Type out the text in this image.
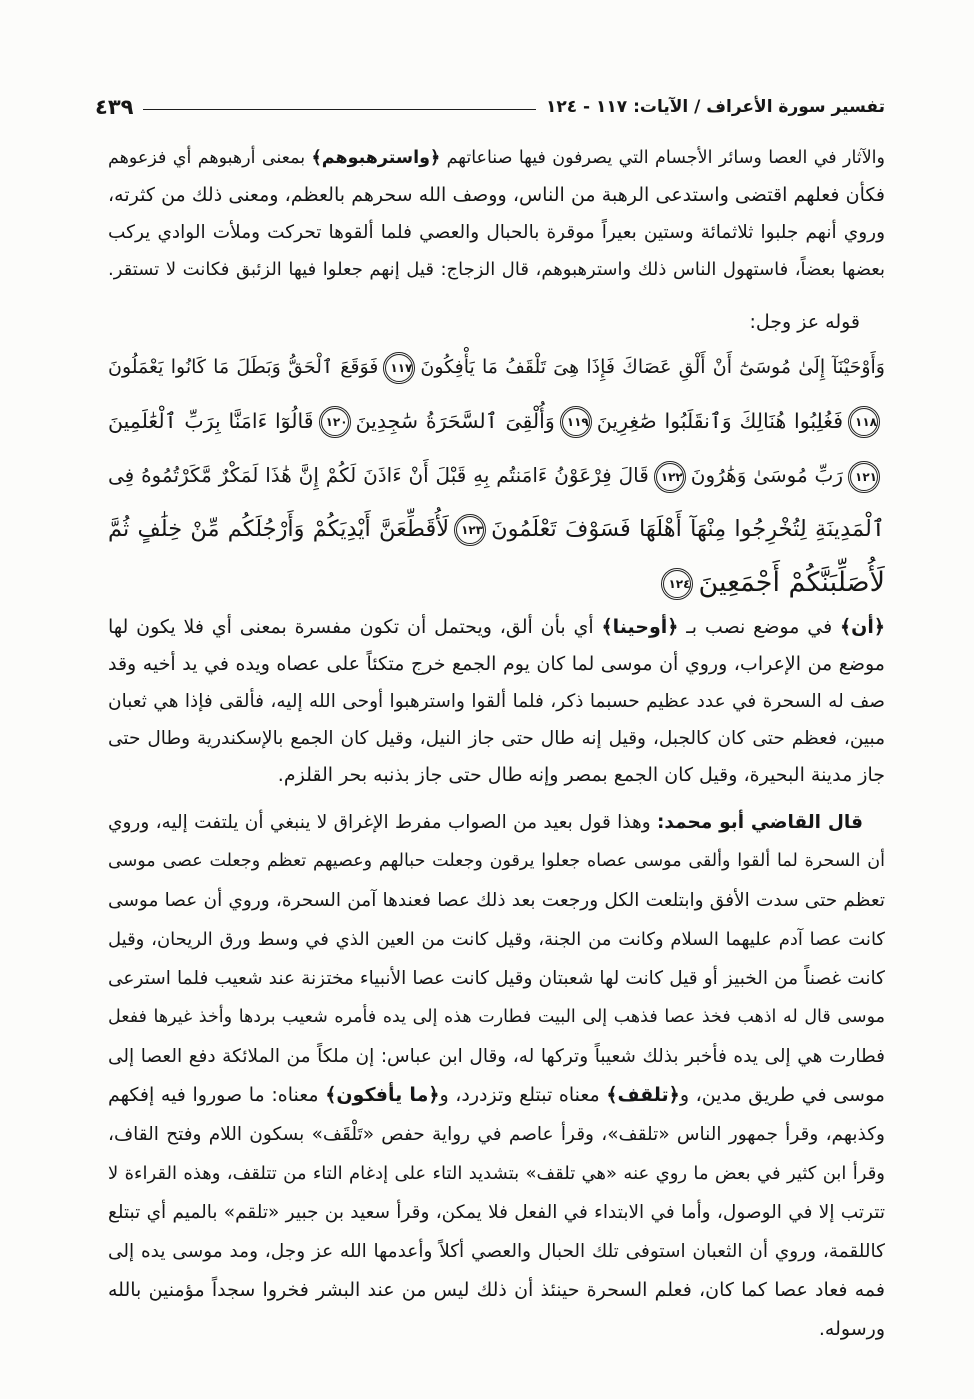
تفسير سورة الأعراف / الآيات: ١١٧ - ١٢٤
٤٣٩
والآثار في العصا وسائر الأجسام التي يصرفون فيها صناعاتهم ﴿واسترهبوهم﴾ بمعنى أرهبوهم أي فزعوهم
فكأن فعلهم اقتضى واستدعى الرهبة من الناس، ووصف الله سحرهم بالعظم، ومعنى ذلك من كثرته،
وروي أنهم جلبوا ثلاثمائة وستين بعيراً موقرة بالحبال والعصي فلما ألقوها تحركت وملأت الوادي يركب
بعضها بعضاً، فاستهول الناس ذلك واسترهبوهم، قال الزجاج: قيل إنهم جعلوا فيها الزئبق فكانت لا تستقر.
قوله عز وجل:
وَأَوْحَيْنَآ إِلَىٰ مُوسَىٰٓ أَنْ أَلْقِ عَصَاكَ فَإِذَا هِىَ تَلْقَفُ مَا يَأْفِكُونَ١١٧فَوَقَعَ ٱلْحَقُّ وَبَطَلَ مَا كَانُوا يَعْمَلُونَ
١١٨فَغُلِبُوا هُنَالِكَ وَٱنقَلَبُوا صَٰغِرِينَ١١٩وَأُلْقِىَ ٱلسَّحَرَةُ سَٰجِدِينَ١٢٠قَالُوٓا ءَامَنَّا بِرَبِّ ٱلْعَٰلَمِينَ
١٢١رَبِّ مُوسَىٰ وَهَٰرُونَ١٢٢قَالَ فِرْعَوْنُ ءَامَنتُم بِهِ قَبْلَ أَنْ ءَاذَنَ لَكُمْ إِنَّ هَٰذَا لَمَكْرٌ مَّكَرْتُمُوهُ فِى
ٱلْمَدِينَةِ لِتُخْرِجُوا مِنْهَآ أَهْلَهَا فَسَوْفَ تَعْلَمُونَ١٢٣لَأُقَطِّعَنَّ أَيْدِيَكُمْ وَأَرْجُلَكُم مِّنْ خِلَٰفٍ ثُمَّ
لَأُصَلِّبَنَّكُمْ أَجْمَعِينَ١٢٤
﴿أن﴾ في موضع نصب بـ ﴿أوحينا﴾ أي بأن ألق، ويحتمل أن تكون مفسرة بمعنى أي فلا يكون لها
موضع من الإعراب، وروي أن موسى لما كان يوم الجمع خرج متكئاً على عصاه ويده في يد أخيه وقد
صف له السحرة في عدد عظيم حسبما ذكر، فلما ألقوا واسترهبوا أوحى الله إليه، فألقى فإذا هي ثعبان
مبين، فعظم حتى كان كالجبل، وقيل إنه طال حتى جاز النيل، وقيل كان الجمع بالإسكندرية وطال حتى
جاز مدينة البحيرة، وقيل كان الجمع بمصر وإنه طال حتى جاز بذنبه بحر القلزم.
قال القاضي أبو محمد: وهذا قول بعيد من الصواب مفرط الإغراق لا ينبغي أن يلتفت إليه، وروي
أن السحرة لما ألقوا وألقى موسى عصاه جعلوا يرقون وجعلت حبالهم وعصيهم تعظم وجعلت عصى موسى
تعظم حتى سدت الأفق وابتلعت الكل ورجعت بعد ذلك عصا فعندها آمن السحرة، وروي أن عصا موسى
كانت عصا آدم عليهما السلام وكانت من الجنة، وقيل كانت من العين الذي في وسط ورق الريحان، وقيل
كانت غصناً من الخبيز أو قيل كانت لها شعبتان وقيل كانت عصا الأنبياء مختزنة عند شعيب فلما استرعى
موسى قال له اذهب فخذ عصا فذهب إلى البيت فطارت هذه إلى يده فأمره شعيب بردها وأخذ غيرها ففعل
فطارت هي إلى يده فأخبر بذلك شعيباً وتركها له، وقال ابن عباس: إن ملكاً من الملائكة دفع العصا إلى
موسى في طريق مدين، و﴿تلقف﴾ معناه تبتلع وتزدرد، و﴿ما يأفكون﴾ معناه: ما صوروا فيه إفكهم
وكذبهم، وقرأ جمهور الناس «تلقف»، وقرأ عاصم في رواية حفص «تَلْقَف» بسكون اللام وفتح القاف،
وقرأ ابن كثير في بعض ما روي عنه «هي تلقف» بتشديد التاء على إدغام التاء من تتلقف، وهذه القراءة لا
تترتب إلا في الوصول، وأما في الابتداء في الفعل فلا يمكن، وقرأ سعيد بن جبير «تلقم» بالميم أي تبتلع
كاللقمة، وروي أن الثعبان استوفى تلك الحبال والعصي أكلاً وأعدمها الله عز وجل، ومد موسى يده إلى
فمه فعاد عصا كما كان، فعلم السحرة حينئذ أن ذلك ليس من عند البشر فخروا سجداً مؤمنين بالله
ورسوله.
